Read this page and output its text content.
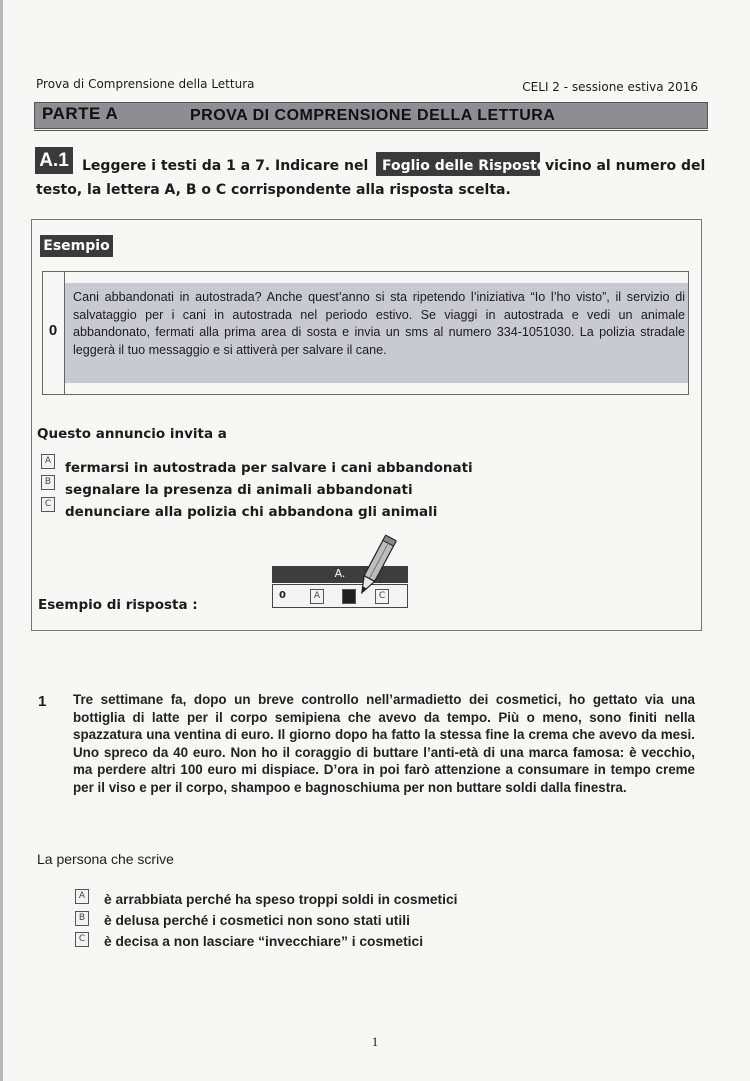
Prova di Comprensione della Lettura	CELI 2 - sessione estiva 2016
PARTE A	PROVA DI COMPRENSIONE DELLA LETTURA
A.1 Leggere i testi da 1 a 7. Indicare nel Foglio delle Risposte
vicino al numero del
testo, la lettera A, B o C corrispondente alla risposta scelta.
Esempio
0
Cani abbandonati in autostrada? Anche quest’anno si sta ripetendo l’iniziativa “Io l’ho visto”, il servizio di salvataggio per i cani in autostrada nel periodo estivo. Se viaggi in autostrada e vedi un animale abbandonato, fermati alla prima area di sosta e invia un sms al numero 334-1051030. La polizia stradale leggerà il tuo messaggio e si attiverà per salvare il cane.
Questo annuncio invita a
A fermarsi in autostrada per salvare i cani abbandonati
B segnalare la presenza di animali abbandonati
C denunciare alla polizia chi abbandona gli animali
Esempio di risposta :
A.
0	A	B	C
1 Tre settimane fa, dopo un breve controllo nell’armadietto dei cosmetici, ho gettato via una bottiglia di latte per il corpo semipiena che avevo da tempo. Più o meno, sono finiti nella spazzatura una ventina di euro. Il giorno dopo ha fatto la stessa fine la crema che avevo da mesi. Uno spreco da 40 euro. Non ho il coraggio di buttare l’anti-età di una marca famosa: è vecchio, ma perdere altri 100 euro mi dispiace. D’ora in poi farò attenzione a consumare in tempo creme per il viso e per il corpo, shampoo e bagnoschiuma per non buttare soldi dalla finestra.
La persona che scrive
A è arrabbiata perché ha speso troppi soldi in cosmetici
B è delusa perché i cosmetici non sono stati utili
C è decisa a non lasciare “invecchiare” i cosmetici
1
